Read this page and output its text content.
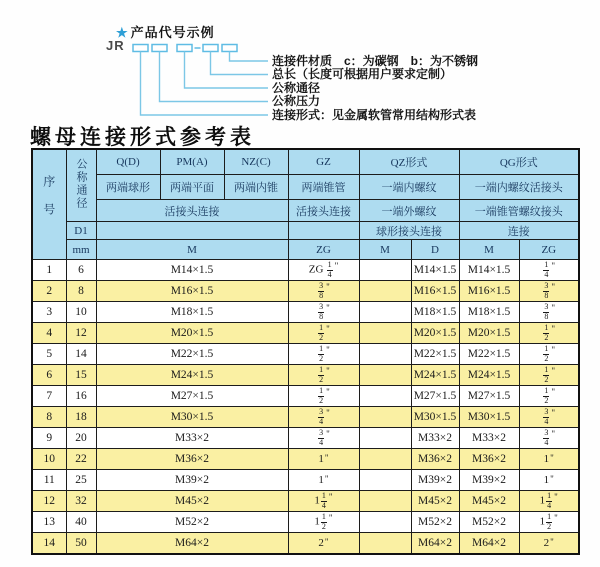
★ 产品代号示例
JR
连接件材质　c：为碳钢　b：为不锈钢
总长（长度可根据用户要求定制）
公称通径
公称压力
连接形式：见金属软管常用结构形式表
螺母连接形式参考表
序号	公称通径	Q(D)	PM(A)	NZ(C)	GZ	QZ形式		QG形式	
		两端球形	两端平面	两端内锥	两端锥管	一端内螺纹		一端内螺纹活接头	
		活接头连接			活接头连接	一端外螺纹		一端锥管螺纹接头	
	D1					球形接头连接		连接	
	mm	M			ZG	M	D	M	ZG
1	6	M14×1.5			ZG  $\frac{1}{4} ^"$		M14×1.5	M14×1.5	$\frac{1}{4} ^"$
2	8	M16×1.5			$\frac{3}{8} ^"$		M16×1.5	M16×1.5	$\frac{3}{8} ^"$
3	10	M18×1.5			$\frac{3}{8} ^"$		M18×1.5	M18×1.5	$\frac{3}{8} ^"$
4	12	M20×1.5			$\frac{1}{2} ^"$		M20×1.5	M20×1.5	$\frac{1}{2} ^"$
5	14	M22×1.5			$\frac{1}{2} ^"$		M22×1.5	M22×1.5	$\frac{1}{2} ^"$
6	15	M24×1.5			$\frac{1}{2} ^"$		M24×1.5	M24×1.5	$\frac{1}{2} ^"$
7	16	M27×1.5			$\frac{1}{2} ^"$		M27×1.5	M27×1.5	$\frac{1}{2} ^"$
8	18	M30×1.5			$\frac{3}{4} ^"$		M30×1.5	M30×1.5	$\frac{3}{4} ^"$
9	20	M33×2			$\frac{3}{4} ^"$		M33×2	M33×2	$\frac{3}{4} ^"$
10	22	M36×2			1"		M36×2	M36×2	1"
11	25	M39×2			1"		M39×2	M39×2	1"
12	32	M45×2			$1 \frac{1}{4} ^"$		M45×2	M45×2	$1 \frac{1}{4} ^"$
13	40	M52×2			$1 \frac{1}{2} ^"$		M52×2	M52×2	$1 \frac{1}{2} ^"$
14	50	M64×2			2"		M64×2	M64×2	2"
